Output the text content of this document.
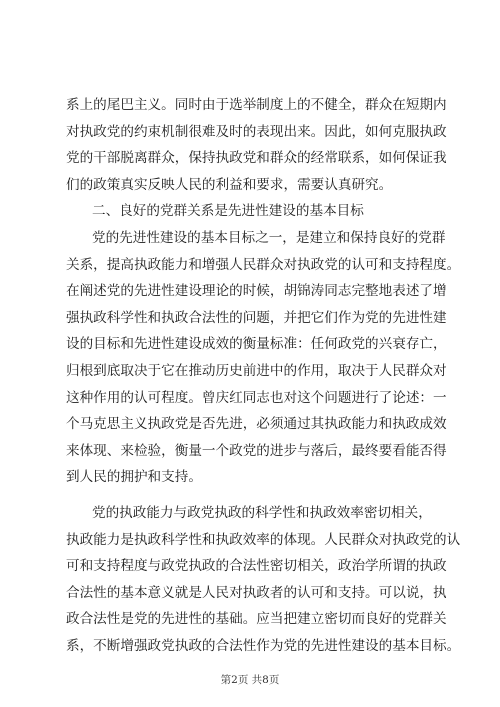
系上的尾巴主义。同时由于选举制度上的不健全，群众在短期内
对执政党的约束机制很难及时的表现出来。因此，如何克服执政
党的干部脱离群众，保持执政党和群众的经常联系，如何保证我
们的政策真实反映人民的利益和要求，需要认真研究。
二、良好的党群关系是先进性建设的基本目标
党的先进性建设的基本目标之一，是建立和保持良好的党群
关系，提高执政能力和增强人民群众对执政党的认可和支持程度。
在阐述党的先进性建设理论的时候，胡锦涛同志完整地表述了增
强执政科学性和执政合法性的问题，并把它们作为党的先进性建
设的目标和先进性建设成效的衡量标准：任何政党的兴衰存亡，
归根到底取决于它在推动历史前进中的作用，取决于人民群众对
这种作用的认可程度。曾庆红同志也对这个问题进行了论述：一
个马克思主义执政党是否先进，必须通过其执政能力和执政成效
来体现、来检验，衡量一个政党的进步与落后，最终要看能否得
到人民的拥护和支持。
党的执政能力与政党执政的科学性和执政效率密切相关，
执政能力是执政科学性和执政效率的体现。人民群众对执政党的认
可和支持程度与政党执政的合法性密切相关，政治学所谓的执政
合法性的基本意义就是人民对执政者的认可和支持。可以说，执
政合法性是党的先进性的基础。应当把建立密切而良好的党群关
系，不断增强政党执政的合法性作为党的先进性建设的基本目标。
第2页 共8页
